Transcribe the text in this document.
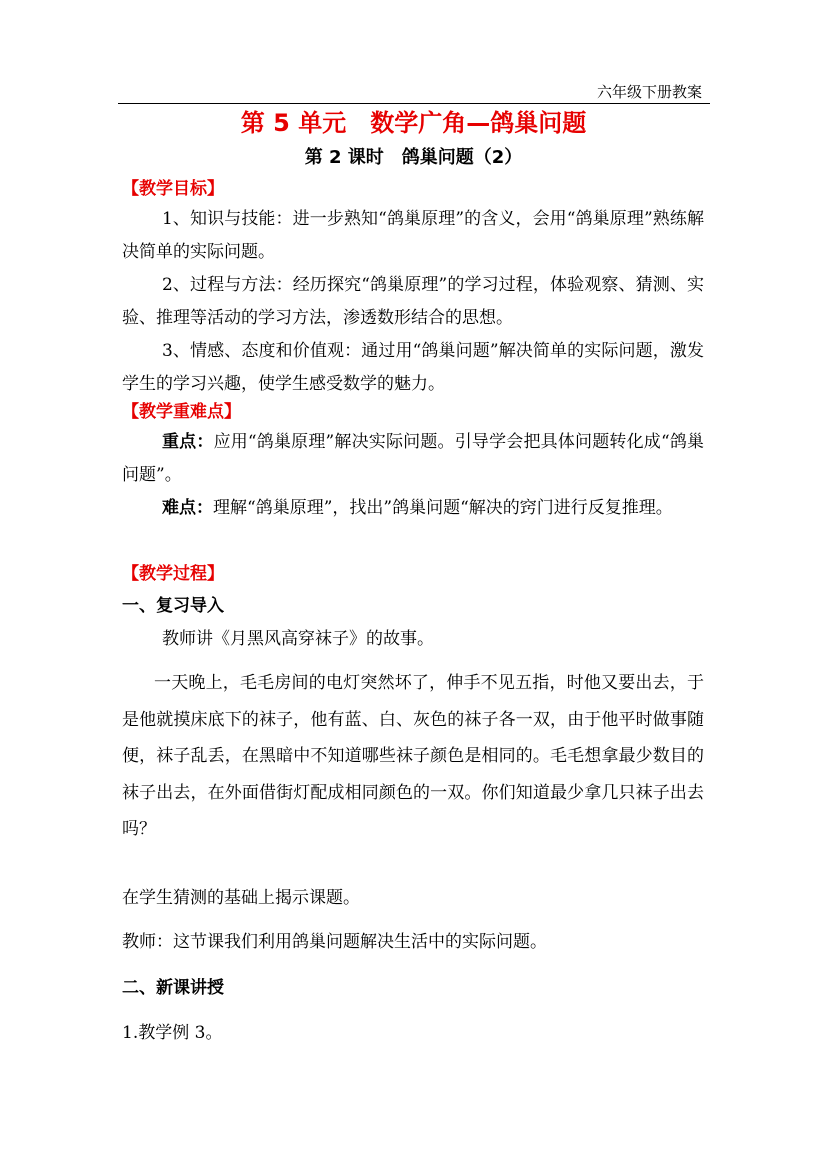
六年级下册教案
第 5 单元　数学广角—鸽巢问题
第 2 课时　鸽巢问题（2）
【教学目标】
1、知识与技能：进一步熟知“鸽巢原理”的含义，会用“鸽巢原理”熟练解决简单的实际问题。
2、过程与方法：经历探究“鸽巢原理”的学习过程，体验观察、猜测、实验、推理等活动的学习方法，渗透数形结合的思想。
3、情感、态度和价值观：通过用“鸽巢问题”解决简单的实际问题，激发学生的学习兴趣，使学生感受数学的魅力。
【教学重难点】
重点：应用“鸽巢原理”解决实际问题。引导学会把具体问题转化成“鸽巢问题”。
难点：理解“鸽巢原理”，找出”鸽巢问题“解决的窍门进行反复推理。
【教学过程】
一、复习导入
教师讲《月黑风高穿袜子》的故事。
一天晚上，毛毛房间的电灯突然坏了，伸手不见五指，时他又要出去，于是他就摸床底下的袜子，他有蓝、白、灰色的袜子各一双，由于他平时做事随便，袜子乱丢，在黑暗中不知道哪些袜子颜色是相同的。毛毛想拿最少数目的袜子出去，在外面借街灯配成相同颜色的一双。你们知道最少拿几只袜子出去吗？
在学生猜测的基础上揭示课题。
教师：这节课我们利用鸽巢问题解决生活中的实际问题。
二、新课讲授
1.教学例 3。
